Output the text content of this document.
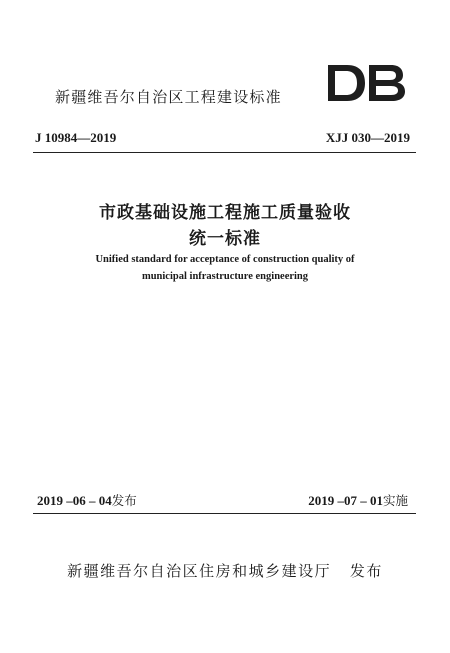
新疆维吾尔自治区工程建设标准
J 10984—2019	XJJ 030—2019
市政基础设施工程施工质量验收
统一标准
Unified standard for acceptance of construction quality of
municipal infrastructure engineering
2019 –06 – 04发布	2019 –07 – 01实施
新疆维吾尔自治区住房和城乡建设厅   发布
